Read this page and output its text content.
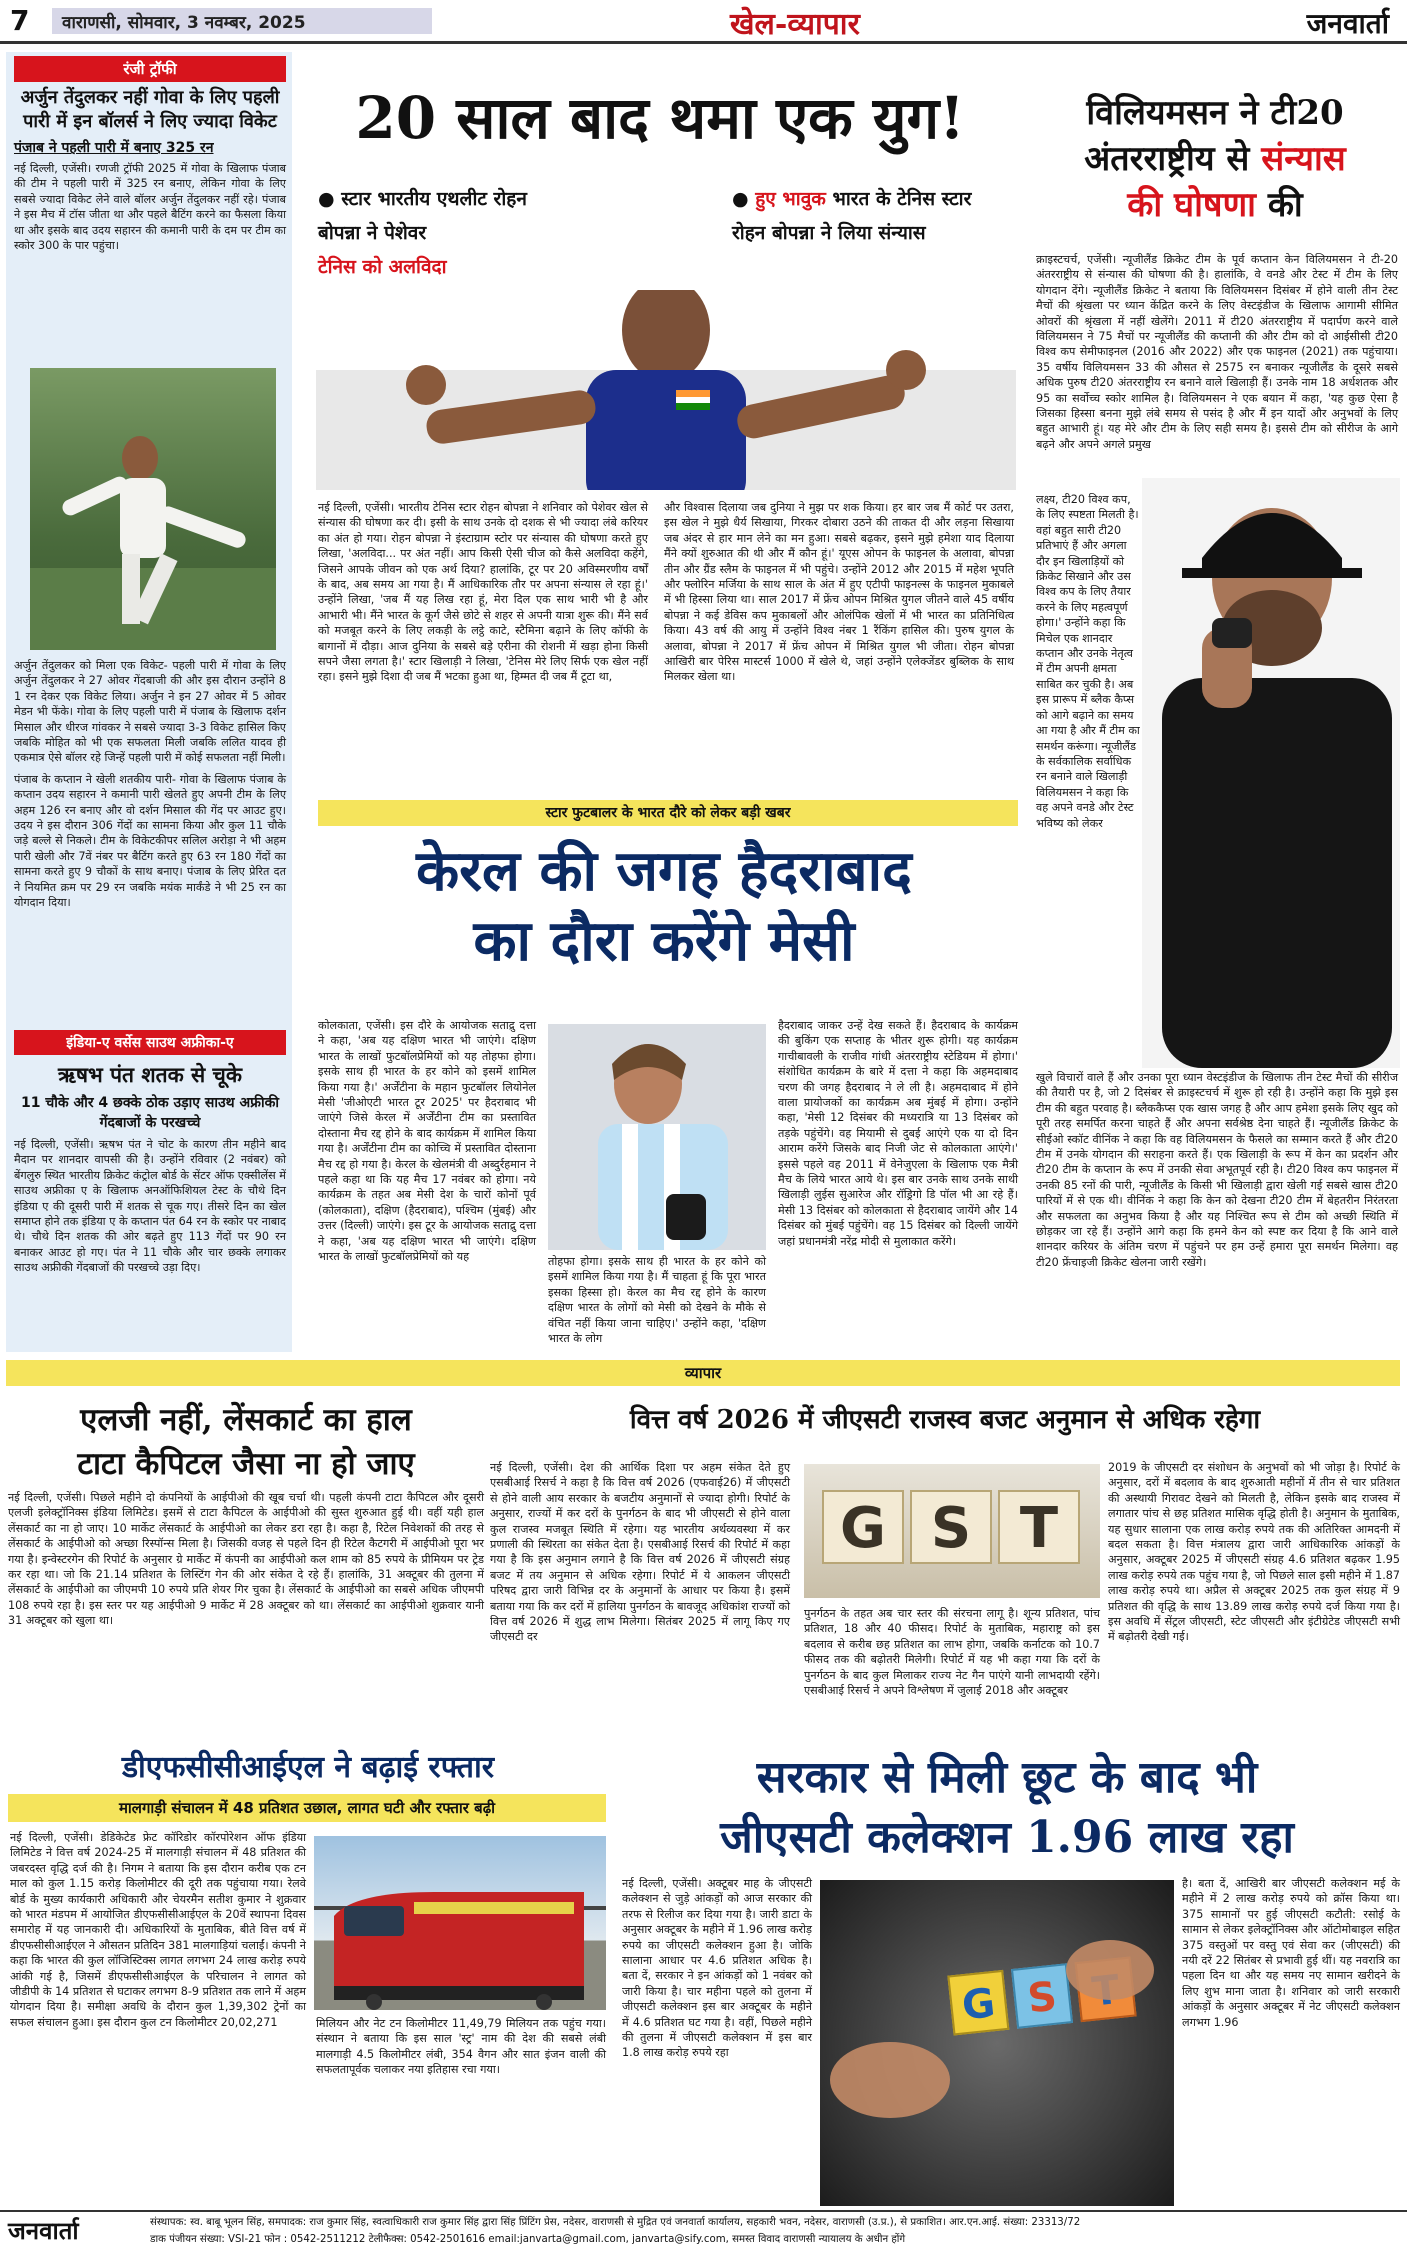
7	वाराणसी, सोमवार, 3 नवम्बर, 2025	खेल-व्यापार	जनवार्ता
रंजी ट्रॉफी
अर्जुन तेंदुलकर नहीं गोवा के लिए पहली पारी में इन बॉलर्स ने लिए ज्यादा विकेट
पंजाब ने पहली पारी में बनाए 325 रन

नई दिल्ली, एजेंसी। रणजी ट्रॉफी 2025 में गोवा के खिलाफ पंजाब की टीम ने पहली पारी में 325 रन बनाए, लेकिन गोवा के लिए सबसे ज्यादा विकेट लेने वाले बॉलर अर्जुन तेंदुलकर नहीं रहे। पंजाब ने इस मैच में टॉस जीता था और पहले बैटिंग करने का फैसला किया था और इसके बाद उदय सहारन की कमानी पारी के दम पर टीम का स्कोर 300 के पार पहुंचा।

अर्जुन तेंदुलकर को मिला एक विकेट- पहली पारी में गोवा के लिए अर्जुन तेंदुलकर ने 27 ओवर गेंदबाजी की और इस दौरान उन्होंने 8 1 रन देकर एक विकेट लिया। अर्जुन ने इन 27 ओवर में 5 ओवर मेडन भी फेंके। गोवा के लिए पहली पारी में पंजाब के खिलाफ दर्शन मिसाल और धीरज गांवकर ने सबसे ज्यादा 3-3 विकेट हासिल किए जबकि मोहित को भी एक सफलता मिली जबकि ललित यादव ही एकमात्र ऐसे बॉलर रहे जिन्हें पहली पारी में कोई सफलता नहीं मिली।

पंजाब के कप्तान ने खेली शतकीय पारी- गोवा के खिलाफ पंजाब के कप्तान उदय सहारन ने कमानी पारी खेलते हुए अपनी टीम के लिए अहम 126 रन बनाए और वो दर्शन मिसाल की गेंद पर आउट हुए। उदय ने इस दौरान 306 गेंदों का सामना किया और कुल 11 चौके जड़े बल्ले से निकले। टीम के विकेटकीपर सलिल अरोड़ा ने भी अहम पारी खेली और 7वें नंबर पर बैटिंग करते हुए 63 रन 180 गेंदों का सामना करते हुए 9 चौकों के साथ बनाए। पंजाब के लिए प्रेरित दत ने नियमित क्रम पर 29 रन जबकि मयंक मार्कंडे ने भी 25 रन का योगदान दिया।

इंडिया-ए वर्सेस साउथ अफ्रीका-ए
ऋषभ पंत शतक से चूके
11 चौके और 4 छक्के ठोक उड़ाए साउथ अफ्रीकी गेंदबाजों के परखच्चे

नई दिल्ली, एजेंसी। ऋषभ पंत ने चोट के कारण तीन महीने बाद मैदान पर शानदार वापसी की है। उन्होंने रविवार (2 नवंबर) को बेंगलुरु स्थित भारतीय क्रिकेट कंट्रोल बोर्ड के सेंटर ऑफ एक्सीलेंस में साउथ अफ्रीका ए के खिलाफ अनऑफिशियल टेस्ट के चौथे दिन इंडिया ए की दूसरी पारी में शतक से चूक गए। तीसरे दिन का खेल समाप्त होने तक इंडिया ए के कप्तान पंत 64 रन के स्कोर पर नाबाद थे। चौथे दिन शतक की ओर बढ़ते हुए 113 गेंदों पर 90 रन बनाकर आउट हो गए। पंत ने 11 चौके और चार छक्के लगाकर साउथ अफ्रीकी गेंदबाजों की परखच्चे उड़ा दिए।

20 साल बाद थमा एक युग!
● स्टार भारतीय एथलीट रोहन बोपन्ना ने पेशेवर
टेनिस को अलविदा
● हुए भावुक भारत के टेनिस स्टार रोहन बोपन्ना ने लिया संन्यास

नई दिल्ली, एजेंसी। भारतीय टेनिस स्टार रोहन बोपन्ना ने शनिवार को पेशेवर खेल से संन्यास की घोषणा कर दी। इसी के साथ उनके दो दशक से भी ज्यादा लंबे करियर का अंत हो गया। रोहन बोपन्ना ने इंस्टाग्राम स्टोर पर संन्यास की घोषणा करते हुए लिखा, 'अलविदा... पर अंत नहीं। आप किसी ऐसी चीज को कैसे अलविदा कहेंगे, जिसने आपके जीवन को एक अर्थ दिया? हालांकि, टूर पर 20 अविस्मरणीय वर्षों के बाद, अब समय आ गया है। मैं आधिकारिक तौर पर अपना संन्यास ले रहा हूं।' उन्होंने लिखा, 'जब मैं यह लिख रहा हूं, मेरा दिल एक साथ भारी भी है और आभारी भी। मैंने भारत के कूर्ग जैसे छोटे से शहर से अपनी यात्रा शुरू की। मैंने सर्व को मजबूत करने के लिए लकड़ी के लट्ठे काटे, स्टैमिना बढ़ाने के लिए कॉफी के बागानों में दौड़ा। आज दुनिया के सबसे बड़े एरीना की रोशनी में खड़ा होना किसी सपने जैसा लगता है।' स्टार खिलाड़ी ने लिखा, 'टेनिस मेरे लिए सिर्फ एक खेल नहीं रहा। इसने मुझे दिशा दी जब मैं भटका हुआ था, हिम्मत दी जब मैं टूटा था,

और विश्वास दिलाया जब दुनिया ने मुझ पर शक किया। हर बार जब मैं कोर्ट पर उतरा, इस खेल ने मुझे धैर्य सिखाया, गिरकर दोबारा उठने की ताकत दी और लड़ना सिखाया जब अंदर से हार मान लेने का मन हुआ। सबसे बढ़कर, इसने मुझे हमेशा याद दिलाया मैंने क्यों शुरुआत की थी और मैं कौन हूं।' यूएस ओपन के फाइनल के अलावा, बोपन्ना तीन और ग्रैंड स्लैम के फाइनल में भी पहुंचे। उन्होंने 2012 और 2015 में महेश भूपति और फ्लोरिन मर्जिया के साथ साल के अंत में हुए एटीपी फाइनल्स के फाइनल मुकाबले में भी हिस्सा लिया था। साल 2017 में फ्रेंच ओपन मिश्रित युगल जीतने वाले 45 वर्षीय बोपन्ना ने कई डेविस कप मुकाबलों और ओलंपिक खेलों में भी भारत का प्रतिनिधित्व किया। 43 वर्ष की आयु में उन्होंने विश्व नंबर 1 रैंकिंग हासिल की। पुरुष युगल के अलावा, बोपन्ना ने 2017 में फ्रेंच ओपन में मिश्रित युगल भी जीता। रोहन बोपन्ना आखिरी बार पेरिस मास्टर्स 1000 में खेले थे, जहां उन्होंने एलेक्जेंडर बुब्लिक के साथ मिलकर खेला था।

स्टार फुटबालर के भारत दौरे को लेकर बड़ी खबर
केरल की जगह हैदराबाद
का दौरा करेंगे मेसी

कोलकाता, एजेंसी। इस दौरे के आयोजक सताद्रु दत्ता ने कहा, 'अब यह दक्षिण भारत भी जाएंगे। दक्षिण भारत के लाखों फुटबॉलप्रेमियों को यह तोहफा होगा। इसके साथ ही भारत के हर कोने को इसमें शामिल किया गया है।' अर्जेंटीना के महान फुटबॉलर लियोनेल मेसी 'जीओएटी भारत टूर 2025' पर हैदराबाद भी जाएंगे जिसे केरल में अर्जेंटीना टीम का प्रस्तावित दोस्ताना मैच रद्द होने के बाद कार्यक्रम में शामिल किया गया है। अर्जेंटीना टीम का कोच्चि में प्रस्तावित दोस्ताना मैच रद्द हो गया है। केरल के खेलमंत्री वी अब्दुर्रहमान ने पहले कहा था कि यह मैच 17 नवंबर को होगा। नये कार्यक्रम के तहत अब मेसी देश के चारों कोनों पूर्व (कोलकाता), दक्षिण (हैदराबाद), पश्चिम (मुंबई) और उत्तर (दिल्ली) जाएंगे। इस टूर के आयोजक सताद्रु दत्ता ने कहा, 'अब यह दक्षिण भारत भी जाएंगे। दक्षिण भारत के लाखों फुटबॉलप्रेमियों को यह	तोहफा होगा। इसके साथ ही भारत के हर कोने को इसमें शामिल किया गया है। मैं चाहता हूं कि पूरा भारत इसका हिस्सा हो। केरल का मैच रद्द होने के कारण दक्षिण भारत के लोगों को मेसी को देखने के मौके से वंचित नहीं किया जाना चाहिए।' उन्होंने कहा, 'दक्षिण भारत के लोग

हैदराबाद जाकर उन्हें देख सकते हैं। हैदराबाद के कार्यक्रम की बुकिंग एक सप्ताह के भीतर शुरू होगी। यह कार्यक्रम गाचीबावली के राजीव गांधी अंतरराष्ट्रीय स्टेडियम में होगा।' संशोधित कार्यक्रम के बारे में दत्ता ने कहा कि अहमदाबाद चरण की जगह हैदराबाद ने ले ली है। अहमदाबाद में होने वाला प्रायोजकों का कार्यक्रम अब मुंबई में होगा। उन्होंने कहा, 'मेसी 12 दिसंबर की मध्यरात्रि या 13 दिसंबर को तड़के पहुंचेंगे। वह मियामी से दुबई आएंगे एक या दो दिन आराम करेंगे जिसके बाद निजी जेट से कोलकाता आएंगे।' इससे पहले वह 2011 में वेनेजुएला के खिलाफ एक मैत्री मैच के लिये भारत आये थे। इस बार उनके साथ उनके साथी खिलाड़ी लुईस सुआरेज और रॉड्रिगो डि पॉल भी आ रहे हैं। मेसी 13 दिसंबर को कोलकाता से हैदराबाद जायेंगे और 14 दिसंबर को मुंबई पहुंचेंगे। वह 15 दिसंबर को दिल्ली जायेंगे जहां प्रधानमंत्री नरेंद्र मोदी से मुलाकात करेंगे।

विलियमसन ने टी20
अंतरराष्ट्रीय से संन्यास
की घोषणा की

क्राइस्टचर्च, एजेंसी। न्यूजीलैंड क्रिकेट टीम के पूर्व कप्तान केन विलियमसन ने टी-20 अंतरराष्ट्रीय से संन्यास की घोषणा की है। हालांकि, वे वनडे और टेस्ट में टीम के लिए योगदान देंगे। न्यूजीलैंड क्रिकेट ने बताया कि विलियमसन दिसंबर में होने वाली तीन टेस्ट मैचों की श्रृंखला पर ध्यान केंद्रित करने के लिए वेस्टइंडीज के खिलाफ आगामी सीमित ओवरों की श्रृंखला में नहीं खेलेंगे। 2011 में टी20 अंतरराष्ट्रीय में पदार्पण करने वाले विलियमसन ने 75 मैचों पर न्यूजीलैंड की कप्तानी की और टीम को दो आईसीसी टी20 विश्व कप सेमीफाइनल (2016 और 2022) और एक फाइनल (2021) तक पहुंचाया। 35 वर्षीय विलियमसन 33 की औसत से 2575 रन बनाकर न्यूजीलैंड के दूसरे सबसे अधिक पुरुष टी20 अंतरराष्ट्रीय रन बनाने वाले खिलाड़ी हैं। उनके नाम 18 अर्धशतक और 95 का सर्वोच्च स्कोर शामिल है। विलियमसन ने एक बयान में कहा, 'यह कुछ ऐसा है जिसका हिस्सा बनना मुझे लंबे समय से पसंद है और मैं इन यादों और अनुभवों के लिए बहुत आभारी हूं। यह मेरे और टीम के लिए सही समय है। इससे टीम को सीरीज के आगे बढ़ने और अपने अगले प्रमुख

लक्ष्य, टी20 विश्व कप, के लिए स्पष्टता मिलती है। वहां बहुत सारी टी20 प्रतिभाएं हैं और अगला दौर इन खिलाड़ियों को क्रिकेट सिखाने और उस विश्व कप के लिए तैयार करने के लिए महत्वपूर्ण होगा।' उन्होंने कहा कि मिचेल एक शानदार कप्तान और उनके नेतृत्व में टीम अपनी क्षमता साबित कर चुकी है। अब इस प्रारूप में ब्लैक कैप्स को आगे बढ़ाने का समय आ गया है और मैं टीम का समर्थन करूंगा। न्यूजीलैंड के सर्वकालिक सर्वाधिक रन बनाने वाले खिलाड़ी विलियमसन ने कहा कि वह अपने वनडे और टेस्ट भविष्य को लेकर

खुले विचारों वाले हैं और उनका पूरा ध्यान वेस्टइंडीज के खिलाफ तीन टेस्ट मैचों की सीरीज की तैयारी पर है, जो 2 दिसंबर से क्राइस्टचर्च में शुरू हो रही है। उन्होंने कहा कि मुझे इस टीम की बहुत परवाह है। ब्लैककैप्स एक खास जगह है और आप हमेशा इसके लिए खुद को पूरी तरह समर्पित करना चाहते हैं और अपना सर्वश्रेष्ठ देना चाहते हैं। न्यूजीलैंड क्रिकेट के सीईओ स्कॉट वीनिंक ने कहा कि वह विलियमसन के फैसले का सम्मान करते हैं और टी20 टीम में उनके योगदान की सराहना करते हैं। एक खिलाड़ी के रूप में केन का प्रदर्शन और टी20 टीम के कप्तान के रूप में उनकी सेवा अभूतपूर्व रही है। टी20 विश्व कप फाइनल में उनकी 85 रनों की पारी, न्यूजीलैंड के किसी भी खिलाड़ी द्वारा खेली गई सबसे खास टी20 पारियों में से एक थी। वीनिंक ने कहा कि केन को देखना टी20 टीम में बेहतरीन निरंतरता और सफलता का अनुभव किया है और यह निश्चित रूप से टीम को अच्छी स्थिति में छोड़कर जा रहे हैं। उन्होंने आगे कहा कि हमने केन को स्पष्ट कर दिया है कि आने वाले शानदार करियर के अंतिम चरण में पहुंचने पर हम उन्हें हमारा पूरा समर्थन मिलेगा। वह टी20 फ्रेंचाइजी क्रिकेट खेलना जारी रखेंगे।

व्यापार
एलजी नहीं, लेंसकार्ट का हाल
टाटा कैपिटल जैसा ना हो जाए

नई दिल्ली, एजेंसी। पिछले महीने दो कंपनियों के आईपीओ की खूब चर्चा थी। पहली कंपनी टाटा कैपिटल और दूसरी एलजी इलेक्ट्रॉनिक्स इंडिया लिमिटेड। इसमें से टाटा कैपिटल के आईपीओ की सुस्त शुरुआत हुई थी। वहीं यही हाल लेंसकार्ट का ना हो जाए। 10 मार्केट लेंसकार्ट के आईपीओ का लेकर डरा रहा है। कहा है, रिटेल निवेशकों की तरह से लेंसकार्ट के आईपीओ को अच्छा रिस्पॉन्स मिला है। जिसकी वजह से पहले दिन ही रिटेल कैटगरी में आईपीओ पूरा भर गया है। इन्वेस्टरगेन की रिपोर्ट के अनुसार ग्रे मार्केट में कंपनी का आईपीओ कल शाम को 85 रुपये के प्रीमियम पर ट्रेड कर रहा था। जो कि 21.14 प्रतिशत के लिस्टिंग गेन की ओर संकेत दे रहे हैं। हालांकि, 31 अक्टूबर की तुलना में लेंसकार्ट के आईपीओ का जीएमपी 10 रुपये प्रति शेयर गिर चुका है। लेंसकार्ट के आईपीओ का सबसे अधिक जीएमपी 108 रुपये रहा है। इस स्तर पर यह आईपीओ 9 मार्केट में 28 अक्टूबर को था। लेंसकार्ट का आईपीओ शुक्रवार यानी 31 अक्टूबर को खुला था।

वित्त वर्ष 2026 में जीएसटी राजस्व बजट अनुमान से अधिक रहेगा

नई दिल्ली, एजेंसी। देश की आर्थिक दिशा पर अहम संकेत देते हुए एसबीआई रिसर्च ने कहा है कि वित्त वर्ष 2026 (एफवाई26) में जीएसटी से होने वाली आय सरकार के बजटीय अनुमानों से ज्यादा होगी। रिपोर्ट के अनुसार, राज्यों में कर दरों के पुनर्गठन के बाद भी जीएसटी से होने वाला कुल राजस्व मजबूत स्थिति में रहेगा। यह भारतीय अर्थव्यवस्था में कर प्रणाली की स्थिरता का संकेत देता है। एसबीआई रिसर्च की रिपोर्ट में कहा गया है कि इस अनुमान लगाने है कि वित्त वर्ष 2026 में जीएसटी संग्रह बजट में तय अनुमान से अधिक रहेगा। रिपोर्ट में ये आकलन जीएसटी परिषद द्वारा जारी विभिन्न दर के अनुमानों के आधार पर किया है। इसमें बताया गया कि कर दरों में हालिया पुनर्गठन के बावजूद अधिकांश राज्यों को वित्त वर्ष 2026 में शुद्ध लाभ मिलेगा। सितंबर 2025 में लागू किए गए जीएसटी दर

G S T

पुनर्गठन के तहत अब चार स्तर की संरचना लागू है। शून्य प्रतिशत, पांच प्रतिशत, 18 और 40 फीसद। रिपोर्ट के मुताबिक, महाराष्ट्र को इस बदलाव से करीब छह प्रतिशत का लाभ होगा, जबकि कर्नाटक को 10.7 फीसद तक की बढ़ोतरी मिलेगी। रिपोर्ट में यह भी कहा गया कि दरों के पुनर्गठन के बाद कुल मिलाकर राज्य नेट गैन पाएंगे यानी लाभदायी रहेंगे। एसबीआई रिसर्च ने अपने विश्लेषण में जुलाई 2018 और अक्टूबर

2019 के जीएसटी दर संशोधन के अनुभवों को भी जोड़ा है। रिपोर्ट के अनुसार, दरों में बदलाव के बाद शुरुआती महीनों में तीन से चार प्रतिशत की अस्थायी गिरावट देखने को मिलती है, लेकिन इसके बाद राजस्व में लगातार पांच से छह प्रतिशत मासिक वृद्धि होती है। अनुमान के मुताबिक, यह सुधार सालाना एक लाख करोड़ रुपये तक की अतिरिक्त आमदनी में बदल सकता है। वित्त मंत्रालय द्वारा जारी आधिकारिक आंकड़ों के अनुसार, अक्टूबर 2025 में जीएसटी संग्रह 4.6 प्रतिशत बढ़कर 1.95 लाख करोड़ रुपये तक पहुंच गया है, जो पिछले साल इसी महीने में 1.87 लाख करोड़ रुपये था। अप्रैल से अक्टूबर 2025 तक कुल संग्रह में 9 प्रतिशत की वृद्धि के साथ 13.89 लाख करोड़ रुपये दर्ज किया गया है। इस अवधि में सेंट्रल जीएसटी, स्टेट जीएसटी और इंटीग्रेटेड जीएसटी सभी में बढ़ोतरी देखी गई।

डीएफसीसीआईएल ने बढ़ाई रफ्तार
मालगाड़ी संचालन में 48 प्रतिशत उछाल, लागत घटी और रफ्तार बढ़ी

नई दिल्ली, एजेंसी। डेडिकेटेड फ्रेट कॉरिडोर कॉरपोरेशन ऑफ इंडिया लिमिटेड ने वित्त वर्ष 2024-25 में मालगाड़ी संचालन में 48 प्रतिशत की जबरदस्त वृद्धि दर्ज की है। निगम ने बताया कि इस दौरान करीब एक टन माल को कुल 1.15 करोड़ किलोमीटर की दूरी तक पहुंचाया गया। रेलवे बोर्ड के मुख्य कार्यकारी अधिकारी और चेयरमैन सतीश कुमार ने शुक्रवार को भारत मंडपम में आयोजित डीएफसीसीआईएल के 20वें स्थापना दिवस समारोह में यह जानकारी दी। अधिकारियों के मुताबिक, बीते वित्त वर्ष में डीएफसीसीआईएल ने औसतन प्रतिदिन 381 मालगाड़ियां चलाईं। कंपनी ने कहा कि भारत की कुल लॉजिस्टिक्स लागत लगभग 24 लाख करोड़ रुपये आंकी गई है, जिसमें डीएफसीसीआईएल के परिचालन ने लागत को जीडीपी के 14 प्रतिशत से घटाकर लगभग 8-9 प्रतिशत तक लाने में अहम योगदान दिया है। समीक्षा अवधि के दौरान कुल 1,39,302 ट्रेनों का सफल संचालन हुआ। इस दौरान कुल टन किलोमीटर 20,02,271	मिलियन और नेट टन किलोमीटर 11,49,79 मिलियन तक पहुंच गया। संस्थान ने बताया कि इस साल 'स्ट्र' नाम की देश की सबसे लंबी मालगाड़ी 4.5 किलोमीटर लंबी, 354 वैगन और सात इंजन वाली की सफलतापूर्वक चलाकर नया इतिहास रचा गया।

सरकार से मिली छूट के बाद भी
जीएसटी कलेक्शन 1.96 लाख रहा

नई दिल्ली, एजेंसी। अक्टूबर माह के जीएसटी कलेक्शन से जुड़े आंकड़ों को आज सरकार की तरफ से रिलीज कर दिया गया है। जारी डाटा के अनुसार अक्टूबर के महीने में 1.96 लाख करोड़ रुपये का जीएसटी कलेक्शन हुआ है। जोकि सालाना आधार पर 4.6 प्रतिशत अधिक है। बता दें, सरकार ने इन आंकड़ों को 1 नवंबर को जारी किया है। चार महीना पहले को तुलना में जीएसटी कलेक्शन इस बार अक्टूबर के महीने में 4.6 प्रतिशत घट गया है। वहीं, पिछले महीने की तुलना में जीएसटी कलेक्शन में इस बार 1.8 लाख करोड़ रुपये रहा

G S

है। बता दें, आखिरी बार जीएसटी कलेक्शन मई के महीने में 2 लाख करोड़ रुपये को क्रॉस किया था। 375 सामानों पर हुई जीएसटी कटौती: रसोई के सामान से लेकर इलेक्ट्रॉनिक्स और ऑटोमोबाइल सहित 375 वस्तुओं पर वस्तु एवं सेवा कर (जीएसटी) की नयी दरें 22 सितंबर से प्रभावी हुई थीं। यह नवरात्रि का पहला दिन था और यह समय नए सामान खरीदने के लिए शुभ माना जाता है। शनिवार को जारी सरकारी आंकड़ों के अनुसार अक्टूबर में नेट जीएसटी कलेक्शन लगभग 1.96

जनवार्ता	संस्थापक: स्व. बाबू भूलन सिंह, समपादक: राज कुमार सिंह, स्वत्वाधिकारी राज कुमार सिंह द्वारा सिंह प्रिंटिंग प्रेस, नदेसर, वाराणसी से मुद्रित एवं जनवार्ता कार्यालय, सहकारी भवन, नदेसर, वाराणसी (उ.प्र.), से प्रकाशित। आर.एन.आई. संख्या: 23313/72
डाक पंजीयन संख्या: VSI-21 फोन : 0542-2511212 टेलीफैक्स: 0542-2501616 email:janvarta@gmail.com, janvarta@sify.com, समस्त विवाद वाराणसी न्यायालय के अधीन होंगे
